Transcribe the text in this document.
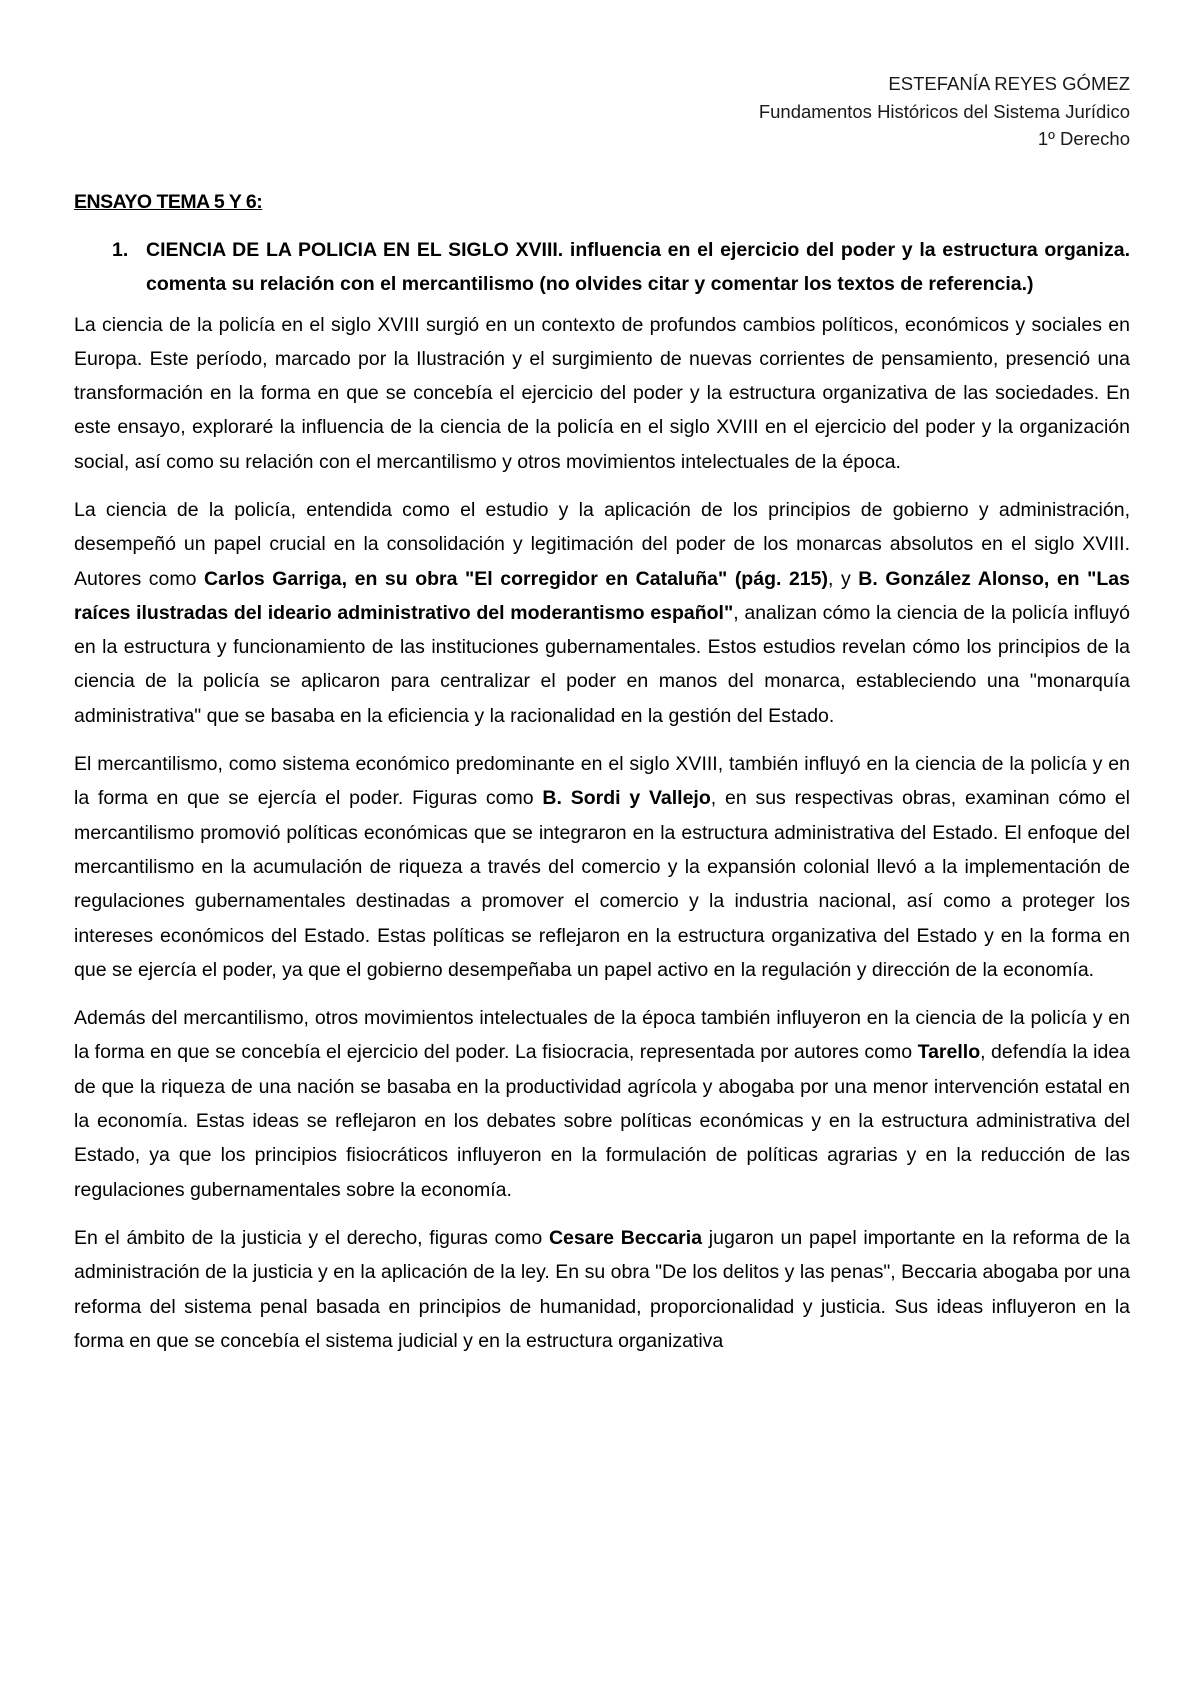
ESTEFANÍA REYES GÓMEZ
Fundamentos Históricos del Sistema Jurídico
1º Derecho
ENSAYO TEMA 5 Y 6:
1. CIENCIA DE LA POLICIA EN EL SIGLO XVIII. influencia en el ejercicio del poder y la estructura organiza. comenta su relación con el mercantilismo (no olvides citar y comentar los textos de referencia.)

La ciencia de la policía en el siglo XVIII surgió en un contexto de profundos cambios políticos, económicos y sociales en Europa. Este período, marcado por la Ilustración y el surgimiento de nuevas corrientes de pensamiento, presenció una transformación en la forma en que se concebía el ejercicio del poder y la estructura organizativa de las sociedades. En este ensayo, exploraré la influencia de la ciencia de la policía en el siglo XVIII en el ejercicio del poder y la organización social, así como su relación con el mercantilismo y otros movimientos intelectuales de la época.

La ciencia de la policía, entendida como el estudio y la aplicación de los principios de gobierno y administración, desempeñó un papel crucial en la consolidación y legitimación del poder de los monarcas absolutos en el siglo XVIII. Autores como Carlos Garriga, en su obra "El corregidor en Cataluña" (pág. 215), y B. González Alonso, en "Las raíces ilustradas del ideario administrativo del moderantismo español", analizan cómo la ciencia de la policía influyó en la estructura y funcionamiento de las instituciones gubernamentales. Estos estudios revelan cómo los principios de la ciencia de la policía se aplicaron para centralizar el poder en manos del monarca, estableciendo una "monarquía administrativa" que se basaba en la eficiencia y la racionalidad en la gestión del Estado.

El mercantilismo, como sistema económico predominante en el siglo XVIII, también influyó en la ciencia de la policía y en la forma en que se ejercía el poder. Figuras como B. Sordi y Vallejo, en sus respectivas obras, examinan cómo el mercantilismo promovió políticas económicas que se integraron en la estructura administrativa del Estado. El enfoque del mercantilismo en la acumulación de riqueza a través del comercio y la expansión colonial llevó a la implementación de regulaciones gubernamentales destinadas a promover el comercio y la industria nacional, así como a proteger los intereses económicos del Estado. Estas políticas se reflejaron en la estructura organizativa del Estado y en la forma en que se ejercía el poder, ya que el gobierno desempeñaba un papel activo en la regulación y dirección de la economía.

Además del mercantilismo, otros movimientos intelectuales de la época también influyeron en la ciencia de la policía y en la forma en que se concebía el ejercicio del poder. La fisiocracia, representada por autores como Tarello, defendía la idea de que la riqueza de una nación se basaba en la productividad agrícola y abogaba por una menor intervención estatal en la economía. Estas ideas se reflejaron en los debates sobre políticas económicas y en la estructura administrativa del Estado, ya que los principios fisiocráticos influyeron en la formulación de políticas agrarias y en la reducción de las regulaciones gubernamentales sobre la economía.

En el ámbito de la justicia y el derecho, figuras como Cesare Beccaria jugaron un papel importante en la reforma de la administración de la justicia y en la aplicación de la ley. En su obra "De los delitos y las penas", Beccaria abogaba por una reforma del sistema penal basada en principios de humanidad, proporcionalidad y justicia. Sus ideas influyeron en la forma en que se concebía el sistema judicial y en la estructura organizativa
